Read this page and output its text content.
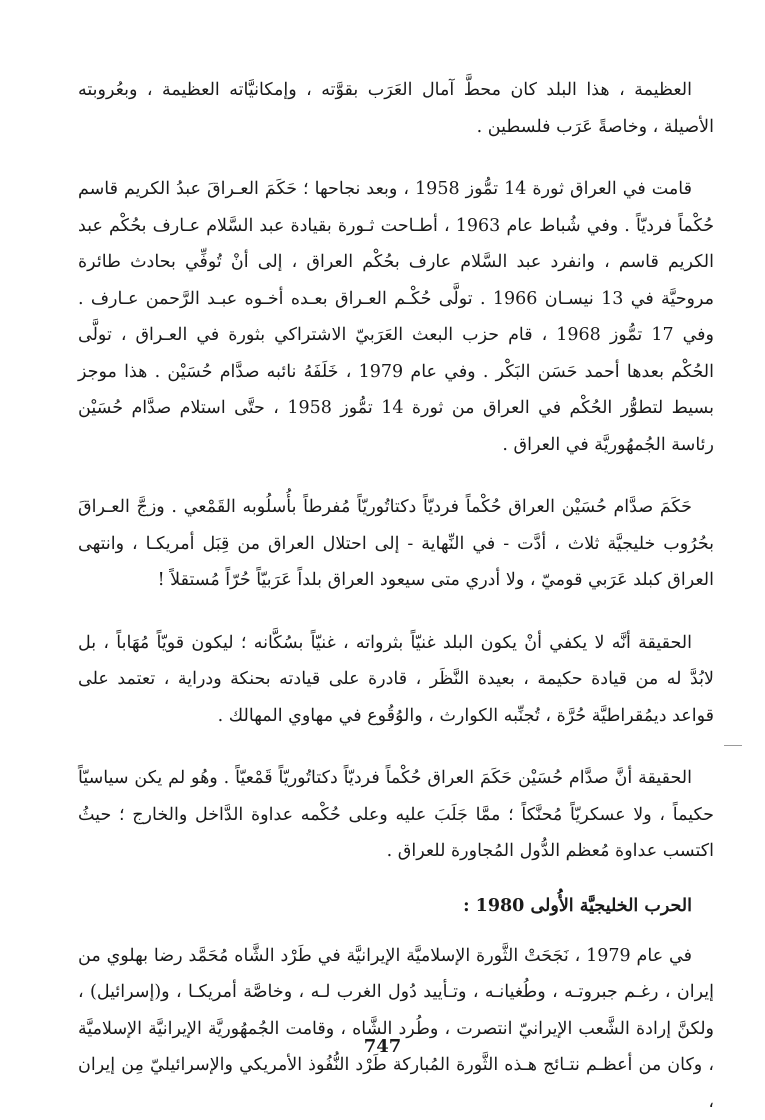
العظيمة ، هذا البلد كان محطَّ آمال العَرَب بقوَّته ، وإمكانيَّاته العظيمة ، وبعُروبته الأصيلة ، وخاصةً عَرَب فلسطين .

قامت في العراق ثورة 14 تمُّوز 1958 ، وبعد نجاحها ؛ حَكَمَ العـراقَ عبدُ الكريم قاسم حُكْماً فرديّاً . وفي شُباط عام 1963 ، أطـاحت ثـورة بقيادة عبد السَّلام عـارف بحُكْم عبد الكريم قاسم ، وانفرد عبد السَّلام عارف بحُكْم العراق ، إلى أنْ تُوفِّي بحادث طائرة مروحيَّة في 13 نيسـان 1966 . تولَّى حُكْـم العـراق بعـده أخـوه عبـد الرَّحمن عـارف . وفي 17 تمُّوز 1968 ، قام حزب البعث العَرَبيّ الاشتراكي بثورة في العـراق ، تولَّى الحُكْم بعدها أحمد حَسَن البَكْر . وفي عام 1979 ، خَلَفَهُ نائبه صدَّام حُسَيْن . هذا موجز بسيط لتطوُّر الحُكْم في العراق من ثورة 14 تمُّوز 1958 ، حتَّى استلام صدَّام حُسَيْن رئاسة الجُمهُوريَّة في العراق .

حَكَمَ صدَّام حُسَيْن العراق حُكْماً فرديّاً دكتاتُوريّاً مُفرطاً بأُسلُوبه القَمْعي . وزجَّ العـراقَ بحُرُوب خليجيَّة ثلاث ، أدَّت - في النِّهاية - إلى احتلال العراق من قِبَل أمريكـا ، وانتهى العراق كبلد عَرَبي قوميّ ، ولا أدري متى سيعود العراق بلداً عَرَبيّاً حُرّاً مُستقلاً !

الحقيقة أنَّه لا يكفي أنْ يكون البلد غنيّاً بثرواته ، غنيّاً بسُكَّانه ؛ ليكون قويّاً مُهَاباً ، بل لابُدَّ له من قيادة حكيمة ، بعيدة النَّظَر ، قادرة على قيادته بحنكة ودراية ، تعتمد على قواعد ديمُقراطيَّة حُرَّة ، تُجنِّبه الكوارث ، والوُقُوع في مهاوي المهالك .

الحقيقة أنَّ صدَّام حُسَيْن حَكَمَ العراق حُكْماً فرديّاً دكتاتُوريّاً قَمْعيّاً . وهُو لم يكن سياسيّاً حكيماً ، ولا عسكريّاً مُحنَّكاً ؛ ممَّا جَلَبَ عليه وعلى حُكْمه عداوة الدَّاخل والخارج ؛ حيثُ اكتسب عداوة مُعظم الدُّول المُجاورة للعراق .

الحرب الخليجيَّة الأُولى 1980 :

في عام 1979 ، نَجَحَتْ الثَّورة الإسلاميَّة الإيرانيَّة في طَرْد الشَّاه مُحَمَّد رضا بهلوي من إيران ، رغـم جبروتـه ، وطُغيانـه ، وتـأييد دُول الغرب لـه ، وخاصَّة أمريكـا ، و(إسرائيل) ، ولكنَّ إرادة الشَّعب الإيرانيّ انتصرت ، وطُرد الشَّاه ، وقامت الجُمهُوريَّة الإيرانيَّة الإسلاميَّة ، وكان من أعظـم نتـائج هـذه الثَّورة المُباركة طَرْد النُّفُوذ الأمريكي والإسرائيليّ مِن إيران ،

747
